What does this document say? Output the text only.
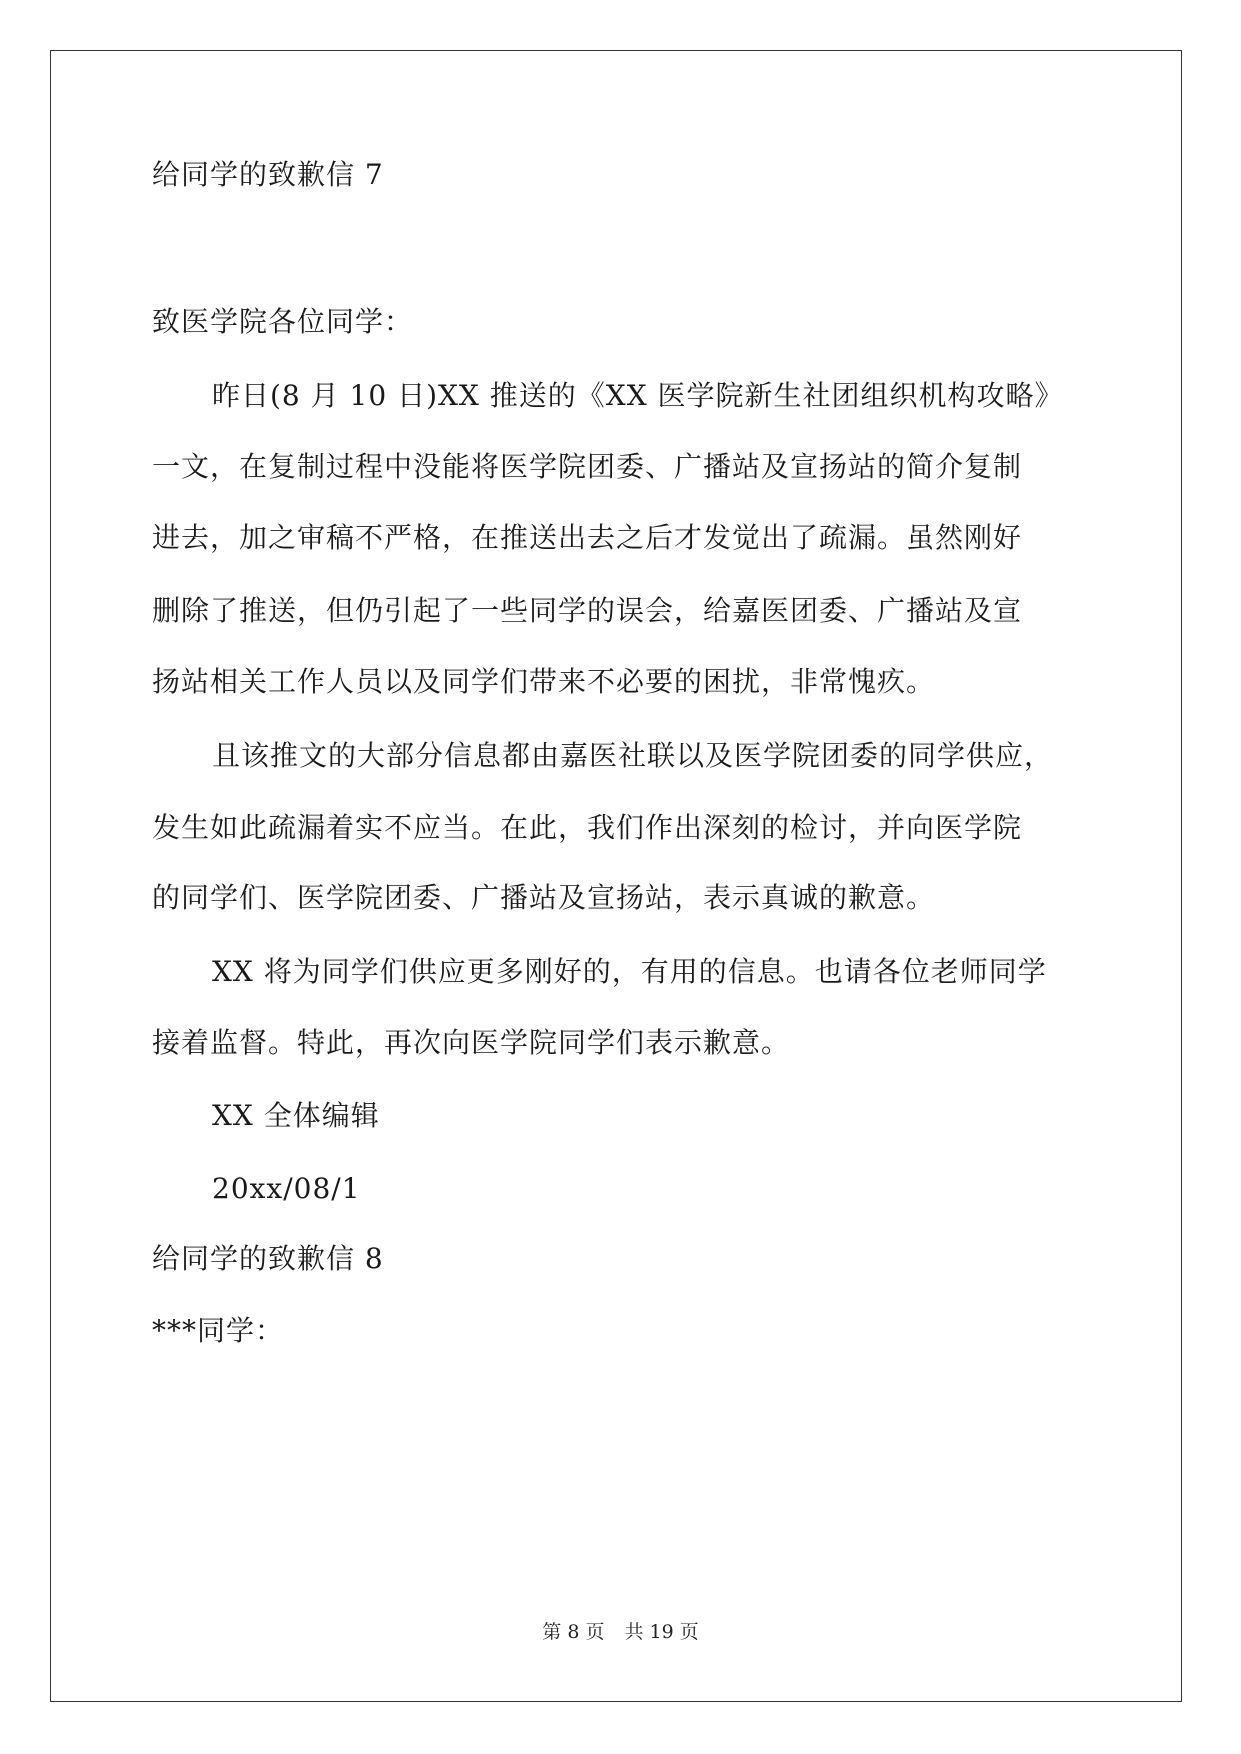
给同学的致歉信 7
致医学院各位同学：
昨日(8 月 10 日)XX 推送的《XX 医学院新生社团组织机构攻略》
一文，在复制过程中没能将医学院团委、广播站及宣扬站的简介复制
进去，加之审稿不严格，在推送出去之后才发觉出了疏漏。虽然刚好
删除了推送，但仍引起了一些同学的误会，给嘉医团委、广播站及宣
扬站相关工作人员以及同学们带来不必要的困扰，非常愧疚。
且该推文的大部分信息都由嘉医社联以及医学院团委的同学供应，
发生如此疏漏着实不应当。在此，我们作出深刻的检讨，并向医学院
的同学们、医学院团委、广播站及宣扬站，表示真诚的歉意。
XX 将为同学们供应更多刚好的，有用的信息。也请各位老师同学
接着监督。特此，再次向医学院同学们表示歉意。
XX 全体编辑
20xx/08/1
给同学的致歉信 8
***同学：
第 8 页 共 19 页
